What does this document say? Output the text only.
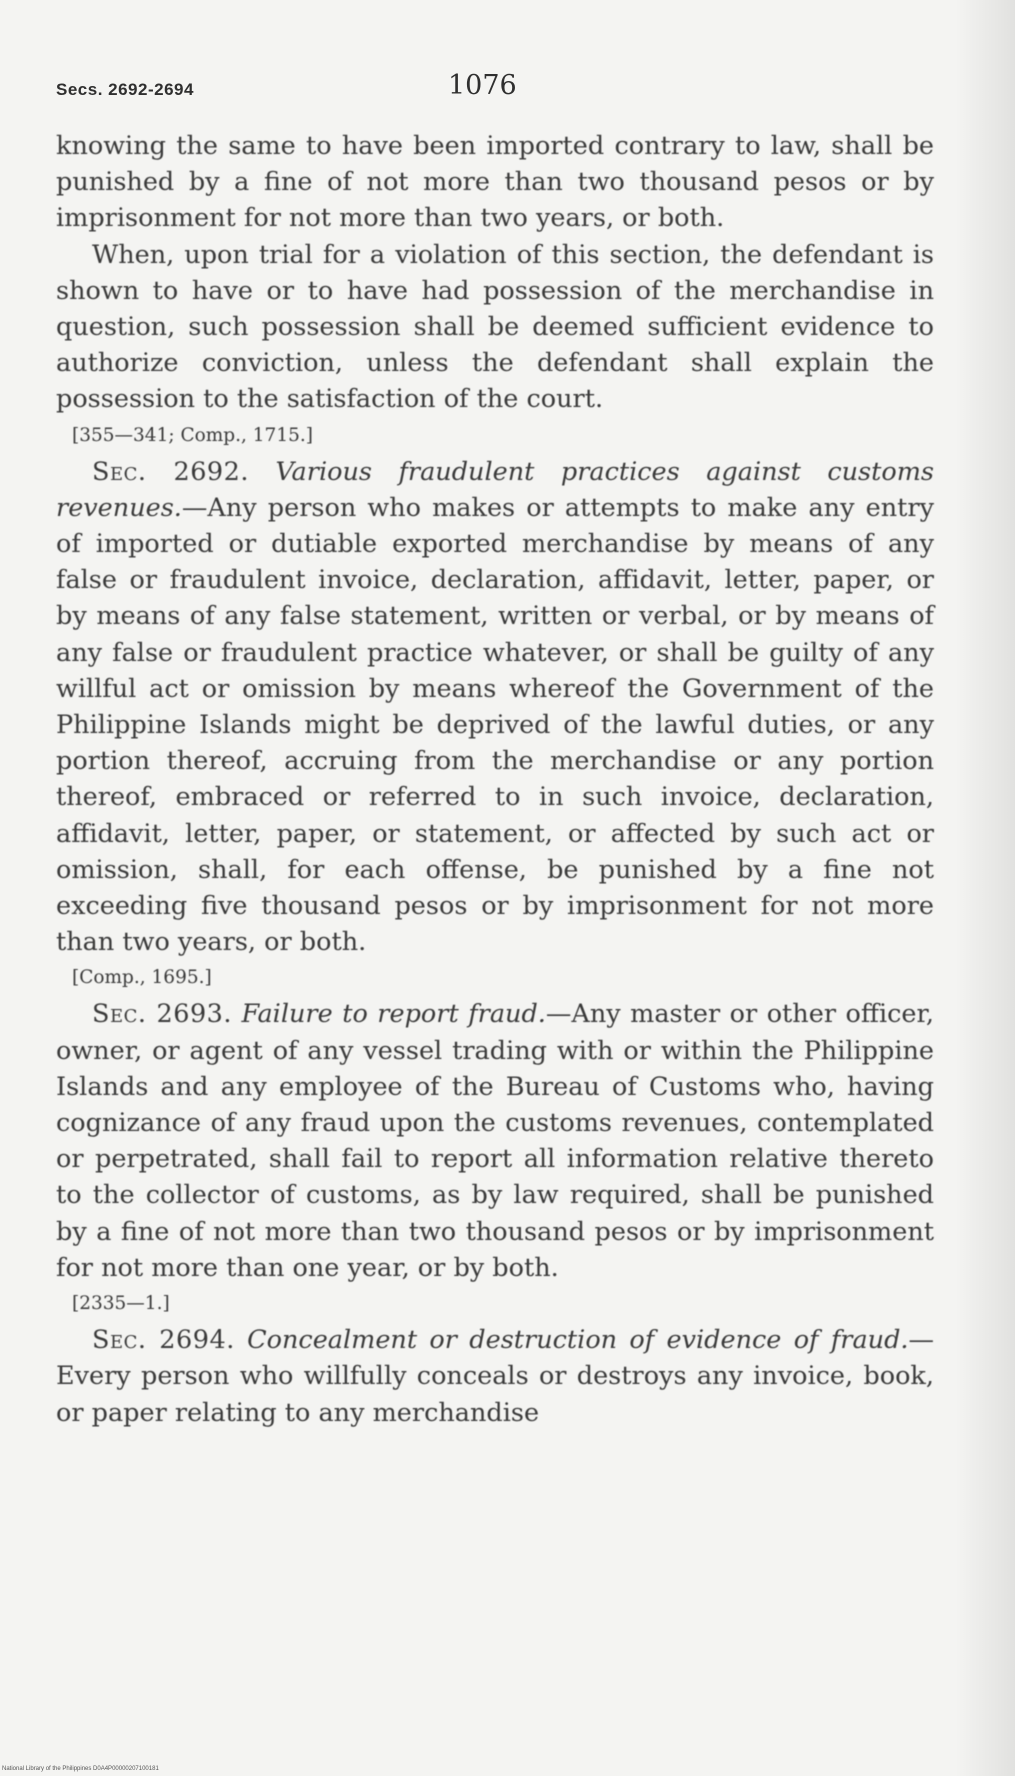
Secs. 2692-2694	1076

knowing the same to have been imported contrary to law, shall be punished by a fine of not more than two thousand pesos or by imprisonment for not more than two years, or both.

When, upon trial for a violation of this section, the defendant is shown to have or to have had possession of the merchandise in question, such possession shall be deemed sufficient evidence to authorize conviction, unless the defendant shall explain the possession to the satisfaction of the court.

[355—341; Comp., 1715.]

Sec. 2692. Various fraudulent practices against customs revenues.—Any person who makes or attempts to make any entry of imported or dutiable exported merchandise by means of any false or fraudulent invoice, declaration, affidavit, letter, paper, or by means of any false statement, written or verbal, or by means of any false or fraudulent practice whatever, or shall be guilty of any willful act or omission by means whereof the Government of the Philippine Islands might be deprived of the lawful duties, or any portion thereof, accruing from the merchandise or any portion thereof, embraced or referred to in such invoice, declaration, affidavit, letter, paper, or statement, or affected by such act or omission, shall, for each offense, be punished by a fine not exceeding five thousand pesos or by imprisonment for not more than two years, or both.

[Comp., 1695.]

Sec. 2693. Failure to report fraud.—Any master or other officer, owner, or agent of any vessel trading with or within the Philippine Islands and any employee of the Bureau of Customs who, having cognizance of any fraud upon the customs revenues, contemplated or perpetrated, shall fail to report all information relative thereto to the collector of customs, as by law required, shall be punished by a fine of not more than two thousand pesos or by imprisonment for not more than one year, or by both.

[2335—1.]

Sec. 2694. Concealment or destruction of evidence of fraud.—Every person who willfully conceals or destroys any invoice, book, or paper relating to any merchandise

National Library of the Philippines D0A4P00000207100181
